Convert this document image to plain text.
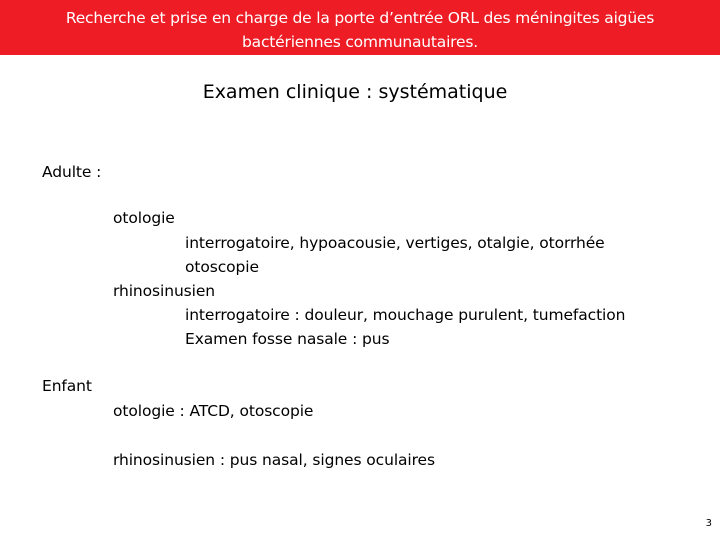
Recherche et prise en charge de la porte d’entrée ORL des méningites aigües
bactériennes communautaires.
Examen clinique : systématique
Adulte :
otologie
interrogatoire, hypoacousie, vertiges, otalgie, otorrhée
otoscopie
rhinosinusien
interrogatoire : douleur, mouchage purulent, tumefaction
Examen fosse nasale : pus
Enfant
otologie : ATCD, otoscopie
rhinosinusien : pus nasal, signes oculaires
3
